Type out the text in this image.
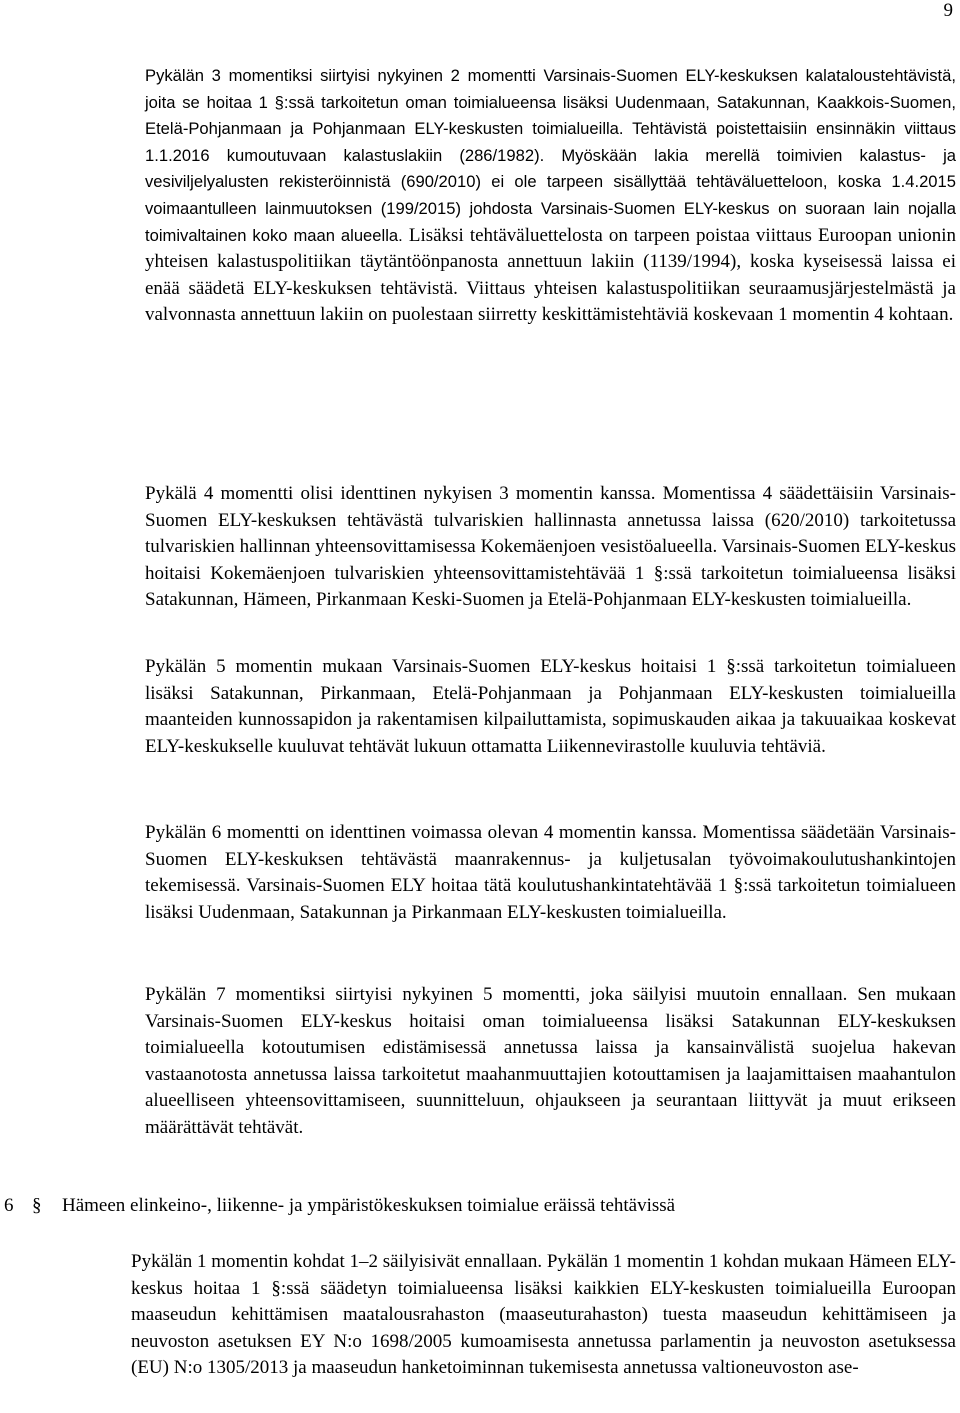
9
Pykälän 3 momentiksi siirtyisi nykyinen 2 momentti Varsinais-Suomen ELY-keskuksen kalataloustehtävistä, joita se hoitaa 1 §:ssä tarkoitetun oman toimialueensa lisäksi Uudenmaan, Satakunnan, Kaakkois-Suomen, Etelä-Pohjanmaan ja Pohjanmaan ELY-keskusten toimialueilla. Tehtävistä poistettaisiin ensinnäkin viittaus 1.1.2016 kumoutuvaan kalastuslakiin (286/1982). Myöskään lakia merellä toimivien kalastus- ja vesiviljelyalusten rekisteröinnistä (690/2010) ei ole tarpeen sisällyttää tehtäväluetteloon, koska 1.4.2015 voimaantulleen lainmuutoksen (199/2015) johdosta Varsinais-Suomen ELY-keskus on suoraan lain nojalla toimivaltainen koko maan alueella. Lisäksi tehtäväluettelosta on tarpeen poistaa viittaus Euroopan unionin yhteisen kalastuspolitiikan täytäntöönpanosta annettuun lakiin (1139/1994), koska kyseisessä laissa ei enää säädetä ELY-keskuksen tehtävistä. Viittaus yhteisen kalastuspolitiikan seuraamusjärjestelmästä ja valvonnasta annettuun lakiin on puolestaan siirretty keskittämistehtäviä koskevaan 1 momentin 4 kohtaan.

Pykälä 4 momentti olisi identtinen nykyisen 3 momentin kanssa. Momentissa 4 säädettäisiin Varsinais-Suomen ELY-keskuksen tehtävästä tulvariskien hallinnasta annetussa laissa (620/2010) tarkoitetussa tulvariskien hallinnan yhteensovittamisessa Kokemäenjoen vesistöalueella. Varsinais-Suomen ELY-keskus hoitaisi Kokemäenjoen tulvariskien yhteensovittamistehtävää 1 §:ssä tarkoitetun toimialueensa lisäksi Satakunnan, Hämeen, Pirkanmaan Keski-Suomen ja Etelä-Pohjanmaan ELY-keskusten toimialueilla.

Pykälän 5 momentin mukaan Varsinais-Suomen ELY-keskus hoitaisi 1 §:ssä tarkoitetun toimialueen lisäksi Satakunnan, Pirkanmaan, Etelä-Pohjanmaan ja Pohjanmaan ELY-keskusten toimialueilla maanteiden kunnossapidon ja rakentamisen kilpailuttamista, sopimuskauden aikaa ja takuuaikaa koskevat ELY-keskukselle kuuluvat tehtävät lukuun ottamatta Liikennevirastolle kuuluvia tehtäviä.

Pykälän 6 momentti on identtinen voimassa olevan 4 momentin kanssa. Momentissa säädetään Varsinais-Suomen ELY-keskuksen tehtävästä maanrakennus- ja kuljetusalan työvoimakoulutushankintojen tekemisessä. Varsinais-Suomen ELY hoitaa tätä koulutushankintatehtävää 1 §:ssä tarkoitetun toimialueen lisäksi Uudenmaan, Satakunnan ja Pirkanmaan ELY-keskusten toimialueilla.

Pykälän 7 momentiksi siirtyisi nykyinen 5 momentti, joka säilyisi muutoin ennallaan. Sen mukaan Varsinais-Suomen ELY-keskus hoitaisi oman toimialueensa lisäksi Satakunnan ELY-keskuksen toimialueella kotoutumisen edistämisessä annetussa laissa ja kansainvälistä suojelua hakevan vastaanotosta annetussa laissa tarkoitetut maahanmuuttajien kotouttamisen ja laajamittaisen maahantulon alueelliseen yhteensovittamiseen, suunnitteluun, ohjaukseen ja seurantaan liittyvät ja muut erikseen määrättävät tehtävät.

6 § Hämeen elinkeino-, liikenne- ja ympäristökeskuksen toimialue eräissä tehtävissä

Pykälän 1 momentin kohdat 1–2 säilyisivät ennallaan. Pykälän 1 momentin 1 kohdan mukaan Hämeen ELY-keskus hoitaa 1 §:ssä säädetyn toimialueensa lisäksi kaikkien ELY-keskusten toimialueilla Euroopan maaseudun kehittämisen maatalousrahaston (maaseuturahaston) tuesta maaseudun kehittämiseen ja neuvoston asetuksen EY N:o 1698/2005 kumoamisesta annetussa parlamentin ja neuvoston asetuksessa (EU) N:o 1305/2013 ja maaseudun hanketoiminnan tukemisesta annetussa valtioneuvoston ase-
